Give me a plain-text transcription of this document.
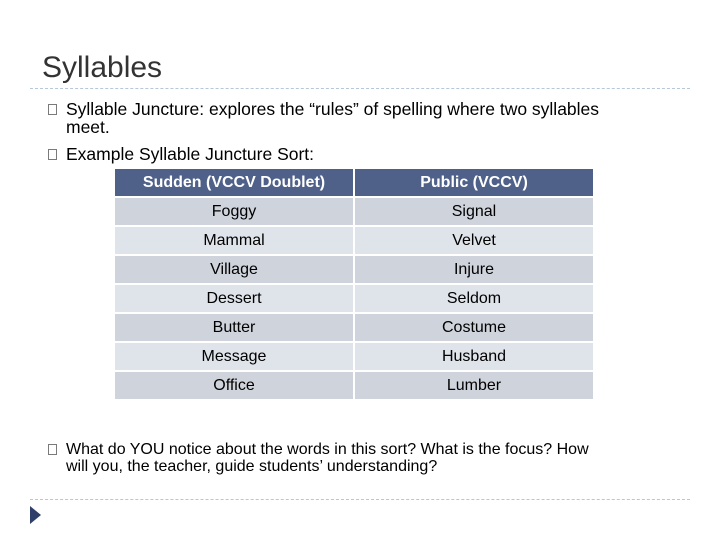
Syllables
Syllable Juncture: explores the “rules” of spelling where two syllables
meet.
Example Syllable Juncture Sort:
Sudden (VCCV Doublet)	Public (VCCV)
Foggy	Signal
Mammal	Velvet
Village	Injure
Dessert	Seldom
Butter	Costume
Message	Husband
Office	Lumber
What do YOU notice about the words in this sort? What is the focus? How
will you, the teacher, guide students’ understanding?
